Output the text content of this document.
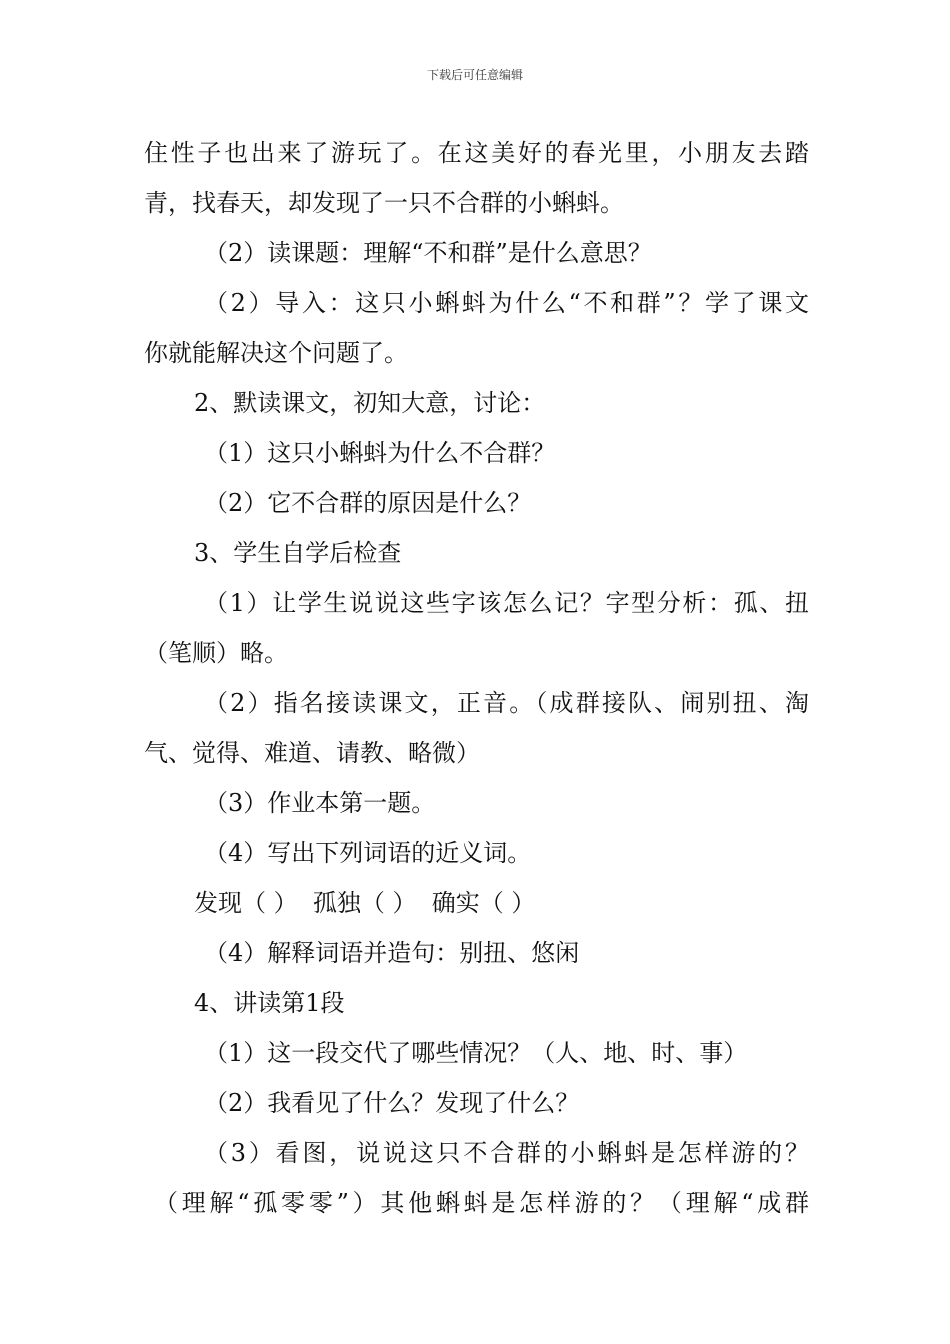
下载后可任意编辑
住性子也出来了游玩了。在这美好的春光里，小朋友去踏
青，找春天，却发现了一只不合群的小蝌蚪。
（2）读课题：理解“不和群”是什么意思？
（2）导入：这只小蝌蚪为什么“不和群”？学了课文
你就能解决这个问题了。
2、默读课文，初知大意，讨论：
（1）这只小蝌蚪为什么不合群？
（2）它不合群的原因是什么？
3、学生自学后检查
（1）让学生说说这些字该怎么记？字型分析：孤、扭
（笔顺）略。
（2）指名接读课文，正音。（成群接队、闹别扭、淘
气、觉得、难道、请教、略微）
（3）作业本第一题。
（4）写出下列词语的近义词。
发现（ ）  孤独（ ）  确实（ ）
（4）解释词语并造句：别扭、悠闲
4、讲读第1段
（1）这一段交代了哪些情况？（人、地、时、事）
（2）我看见了什么？发现了什么？
（3）看图，说说这只不合群的小蝌蚪是怎样游的？
（理解“孤零零”）其他蝌蚪是怎样游的？（理解“成群
